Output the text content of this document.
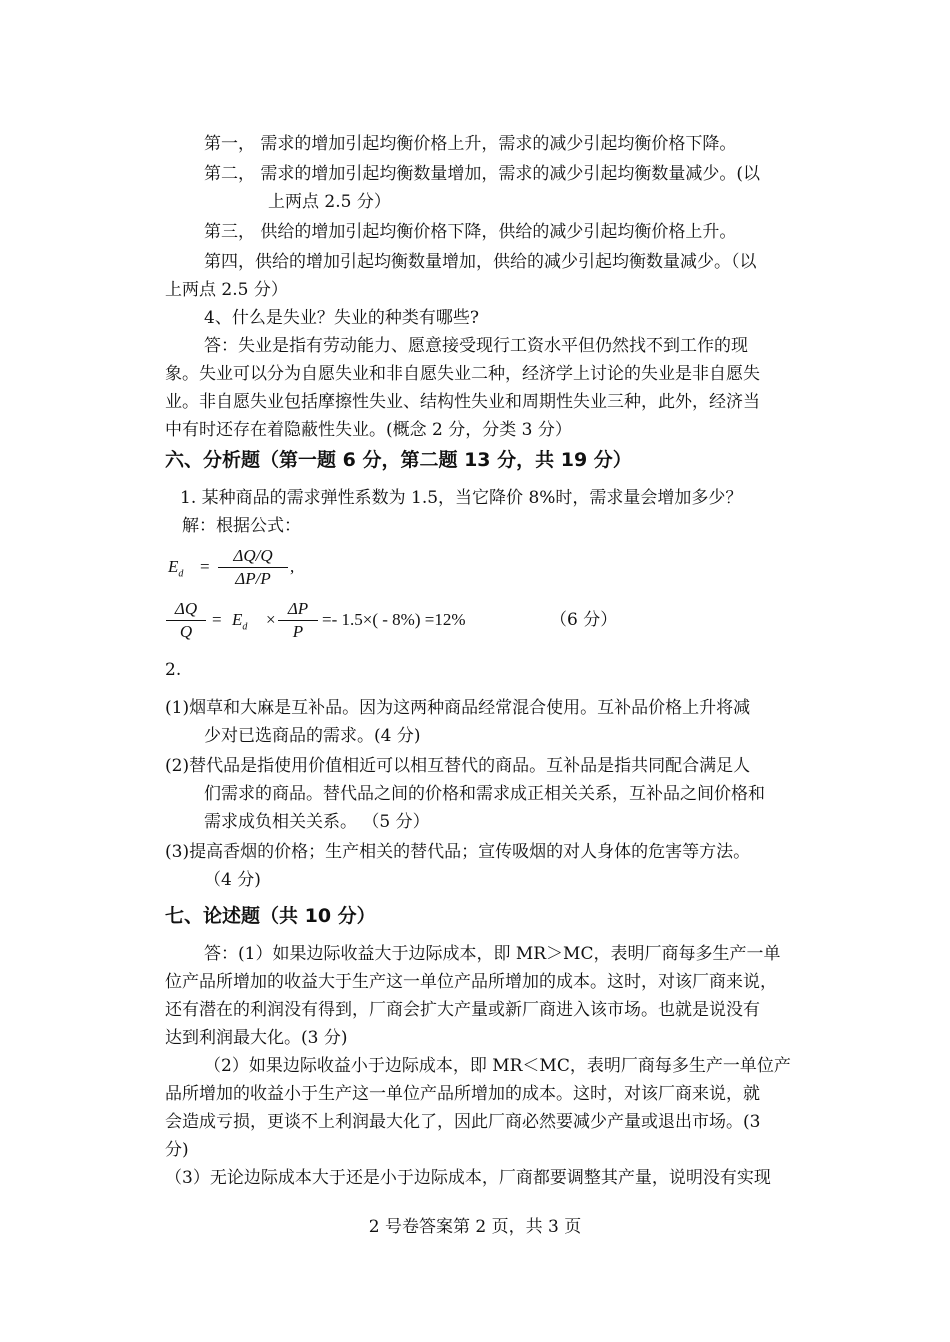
第一， 需求的增加引起均衡价格上升，需求的减少引起均衡价格下降。
第二， 需求的增加引起均衡数量增加，需求的减少引起均衡数量减少。(以
上两点 2.5 分）
第三， 供给的增加引起均衡价格下降，供给的减少引起均衡价格上升。
第四，供给的增加引起均衡数量增加，供给的减少引起均衡数量减少。（以
上两点 2.5 分）
4、什么是失业？失业的种类有哪些?
答：失业是指有劳动能力、愿意接受现行工资水平但仍然找不到工作的现
象。失业可以分为自愿失业和非自愿失业二种，经济学上讨论的失业是非自愿失
业。非自愿失业包括摩擦性失业、结构性失业和周期性失业三种，此外，经济当
中有时还存在着隐蔽性失业。(概念 2 分，分类 3 分）
六、分析题（第一题 6 分，第二题 13 分，共 19 分）
1. 某种商品的需求弹性系数为 1.5，当它降价 8%时，需求量会增加多少？
解：根据公式：
$E_d = \frac{\Delta Q/Q}{\Delta P/P}$ ,
$\frac{\Delta Q}{Q} = E_d \times \frac{\Delta P}{P} =- 1.5\times( - 8\%) =12\%$	（6 分）
2.
(1)烟草和大麻是互补品。因为这两种商品经常混合使用。互补品价格上升将减
少对已选商品的需求。(4 分)
(2)替代品是指使用价值相近可以相互替代的商品。互补品是指共同配合满足人
们需求的商品。替代品之间的价格和需求成正相关关系，互补品之间价格和
需求成负相关关系。 （5 分）
(3)提高香烟的价格；生产相关的替代品；宣传吸烟的对人身体的危害等方法。
（4 分)
七、论述题（共 10 分）
答：(1）如果边际收益大于边际成本，即 MR＞MC，表明厂商每多生产一单
位产品所增加的收益大于生产这一单位产品所增加的成本。这时，对该厂商来说，
还有潜在的利润没有得到，厂商会扩大产量或新厂商进入该市场。也就是说没有
达到利润最大化。(3 分)
（2）如果边际收益小于边际成本，即 MR＜MC，表明厂商每多生产一单位产
品所增加的收益小于生产这一单位产品所增加的成本。这时，对该厂商来说，就
会造成亏损，更谈不上利润最大化了，因此厂商必然要减少产量或退出市场。(3
分)
（3）无论边际成本大于还是小于边际成本，厂商都要调整其产量，说明没有实现
2 号卷答案第 2 页，共 3 页
